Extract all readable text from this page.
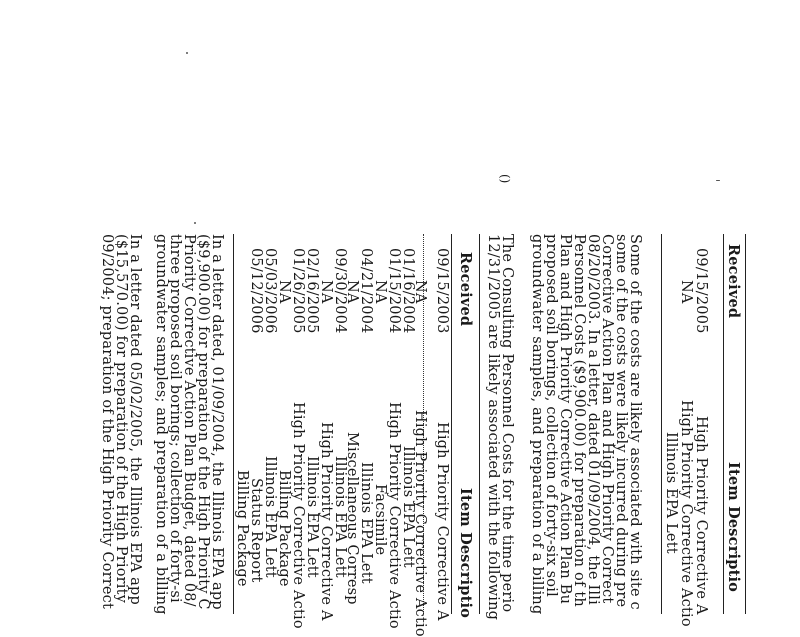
Received
Item Descriptio
09/15/2005
High Priority Corrective A
NA
High Priority Corrective Actio
Illinois EPA Lett
Some of the costs are likely associated with site c
some of the costs were likely incurred during pre
Corrective Action Plan and High Priority Correct
08/20/2003. In a letter, dated 01/09/2004, the Illi
Personnel Costs ($9,900.00) for preparation of th
Plan and High Priority Corrective Action Plan Bu
proposed soil borings, collection of forty-six soil
groundwater samples, and preparation of a billing
()
The Consulting Personnel Costs for the time perio
12/31/2005 are likely associated with the following
Received
Item Descriptio
09/15/2003
High Priority Corrective A
NA
High Priority Corrective Actio
01/16/2004
Illinois EPA Lett
01/15/2004
High Priority Corrective Actio
NA
Facsimile
04/21/2004
Illinois EPA Lett
NA
Miscellaneous Corresp
09/30/2004
Illinois EPA Lett
NA
High Priority Corrective A
02/16/2005
Illinois EPA Lett
01/26/2005
High Priority Corrective Actio
NA
Billing Package
05/03/2006
Illinois EPA Lett
05/12/2006
Status Report
Billing Package
In a letter dated, 01/09/2004, the Illinois EPA app
($9,900.00) for preparation of the High Priority C
Priority Corrective Action Plan Budget, dated 08/
three proposed soil borings; collection of forty-si
groundwater samples; and preparation of a billing
In a letter dated 05/02/2005, the Illinois EPA app
($15,570.00) for preparation of the High Priority
09/2004; preparation of the High Priority Correct
